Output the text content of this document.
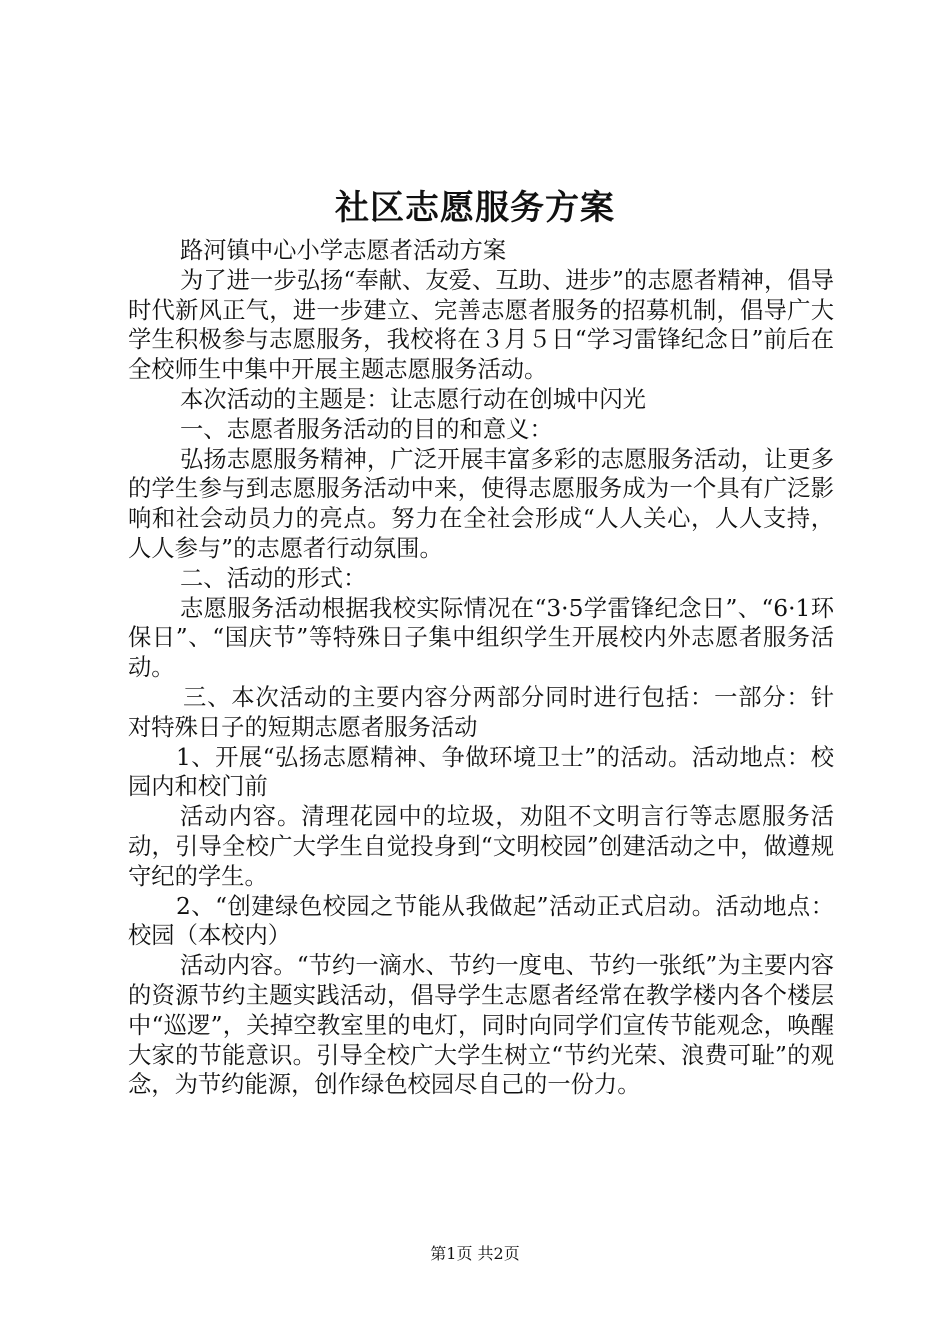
社区志愿服务方案

路河镇中心小学志愿者活动方案

为了进一步弘扬“奉献、友爱、互助、进步”的志愿者精神，倡导时代新风正气，进一步建立、完善志愿者服务的招募机制，倡导广大学生积极参与志愿服务，我校将在３月５日“学习雷锋纪念日”前后在全校师生中集中开展主题志愿服务活动。

本次活动的主题是：让志愿行动在创城中闪光

一、志愿者服务活动的目的和意义：

弘扬志愿服务精神，广泛开展丰富多彩的志愿服务活动，让更多的学生参与到志愿服务活动中来，使得志愿服务成为一个具有广泛影响和社会动员力的亮点。努力在全社会形成“人人关心，人人支持，人人参与”的志愿者行动氛围。

二、活动的形式：

志愿服务活动根据我校实际情况在“3·5学雷锋纪念日”、“6·1环保日”、“国庆节”等特殊日子集中组织学生开展校内外志愿者服务活动。

三、本次活动的主要内容分两部分同时进行包括：一部分：针对特殊日子的短期志愿者服务活动

1、开展“弘扬志愿精神、争做环境卫士”的活动。活动地点：校园内和校门前

活动内容。清理花园中的垃圾，劝阻不文明言行等志愿服务活动，引导全校广大学生自觉投身到“文明校园”创建活动之中，做遵规守纪的学生。

2、“创建绿色校园之节能从我做起”活动正式启动。活动地点：校园（本校内）

活动内容。“节约一滴水、节约一度电、节约一张纸”为主要内容的资源节约主题实践活动，倡导学生志愿者经常在教学楼内各个楼层中“巡逻”，关掉空教室里的电灯，同时向同学们宣传节能观念，唤醒大家的节能意识。引导全校广大学生树立“节约光荣、浪费可耻”的观念，为节约能源，创作绿色校园尽自己的一份力。

第1页 共2页
